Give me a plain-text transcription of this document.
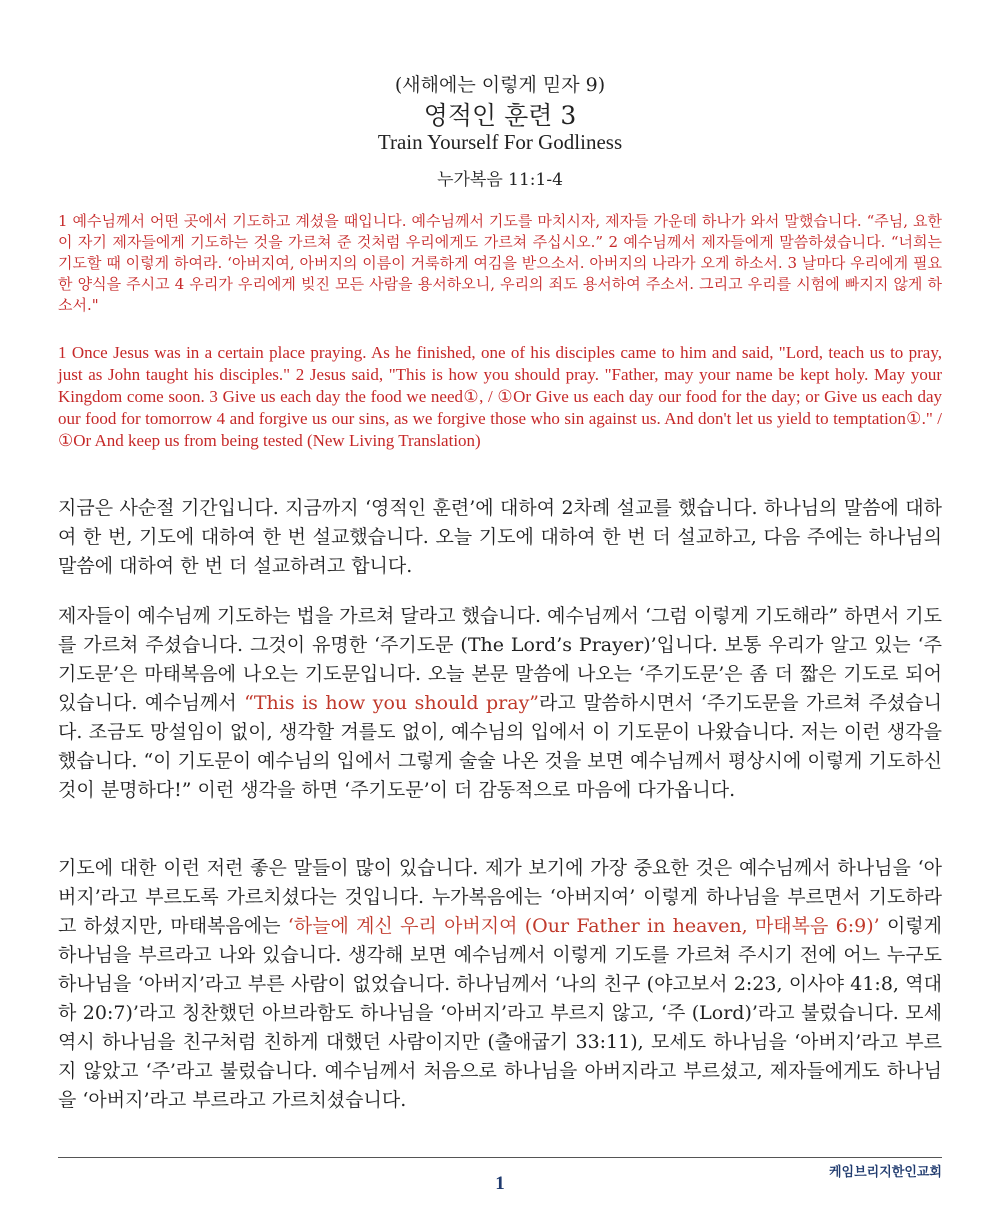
(새해에는 이렇게 믿자 9)
영적인 훈련 3
Train Yourself For Godliness
누가복음 11:1-4
1 예수님께서 어떤 곳에서 기도하고 계셨을 때입니다. 예수님께서 기도를 마치시자, 제자들 가운데 하나가 와서 말했습니다. “주님, 요한이 자기 제자들에게 기도하는 것을 가르쳐 준 것처럼 우리에게도 가르쳐 주십시오.” 2 예수님께서 제자들에게 말씀하셨습니다. “너희는 기도할 때 이렇게 하여라. ‘아버지여, 아버지의 이름이 거룩하게 여김을 받으소서. 아버지의 나라가 오게 하소서. 3 날마다 우리에게 필요한 양식을 주시고 4 우리가 우리에게 빚진 모든 사람을 용서하오니, 우리의 죄도 용서하여 주소서. 그리고 우리를 시험에 빠지지 않게 하소서."
1 Once Jesus was in a certain place praying. As he finished, one of his disciples came to him and said, "Lord, teach us to pray, just as John taught his disciples." 2 Jesus said, "This is how you should pray. "Father, may your name be kept holy. May your Kingdom come soon. 3 Give us each day the food we need①, / ①Or Give us each day our food for the day; or Give us each day our food for tomorrow 4 and forgive us our sins, as we forgive those who sin against us. And don't let us yield to temptation①." / ①Or And keep us from being tested (New Living Translation)
지금은 사순절 기간입니다. 지금까지 ‘영적인 훈련’에 대하여 2차례 설교를 했습니다. 하나님의 말씀에 대하여 한 번, 기도에 대하여 한 번 설교했습니다. 오늘 기도에 대하여 한 번 더 설교하고, 다음 주에는 하나님의 말씀에 대하여 한 번 더 설교하려고 합니다.
제자들이 예수님께 기도하는 법을 가르쳐 달라고 했습니다. 예수님께서 ‘그럼 이렇게 기도해라” 하면서 기도를 가르쳐 주셨습니다. 그것이 유명한 ‘주기도문 (The Lord’s Prayer)’입니다. 보통 우리가 알고 있는 ‘주기도문’은 마태복음에 나오는 기도문입니다. 오늘 본문 말씀에 나오는 ‘주기도문’은 좀 더 짧은 기도로 되어 있습니다. 예수님께서 “This is how you should pray”라고 말씀하시면서 ‘주기도문을 가르쳐 주셨습니다. 조금도 망설임이 없이, 생각할 겨를도 없이, 예수님의 입에서 이 기도문이 나왔습니다. 저는 이런 생각을 했습니다. “이 기도문이 예수님의 입에서 그렇게 술술 나온 것을 보면 예수님께서 평상시에 이렇게 기도하신 것이 분명하다!” 이런 생각을 하면 ‘주기도문’이 더 감동적으로 마음에 다가옵니다.
기도에 대한 이런 저런 좋은 말들이 많이 있습니다. 제가 보기에 가장 중요한 것은 예수님께서 하나님을 ‘아버지’라고 부르도록 가르치셨다는 것입니다. 누가복음에는 ‘아버지여’ 이렇게 하나님을 부르면서 기도하라고 하셨지만, 마태복음에는 ‘하늘에 계신 우리 아버지여 (Our Father in heaven, 마태복음 6:9)’ 이렇게 하나님을 부르라고 나와 있습니다. 생각해 보면 예수님께서 이렇게 기도를 가르쳐 주시기 전에 어느 누구도 하나님을 ‘아버지’라고 부른 사람이 없었습니다. 하나님께서 ‘나의 친구 (야고보서 2:23, 이사야 41:8, 역대하 20:7)’라고 칭찬했던 아브라함도 하나님을 ‘아버지’라고 부르지 않고, ‘주 (Lord)’라고 불렀습니다. 모세 역시 하나님을 친구처럼 친하게 대했던 사람이지만 (출애굽기 33:11), 모세도 하나님을 ‘아버지’라고 부르지 않았고 ‘주’라고 불렀습니다. 예수님께서 처음으로 하나님을 아버지라고 부르셨고, 제자들에게도 하나님을 ‘아버지’라고 부르라고 가르치셨습니다.
케임브리지한인교회
1
